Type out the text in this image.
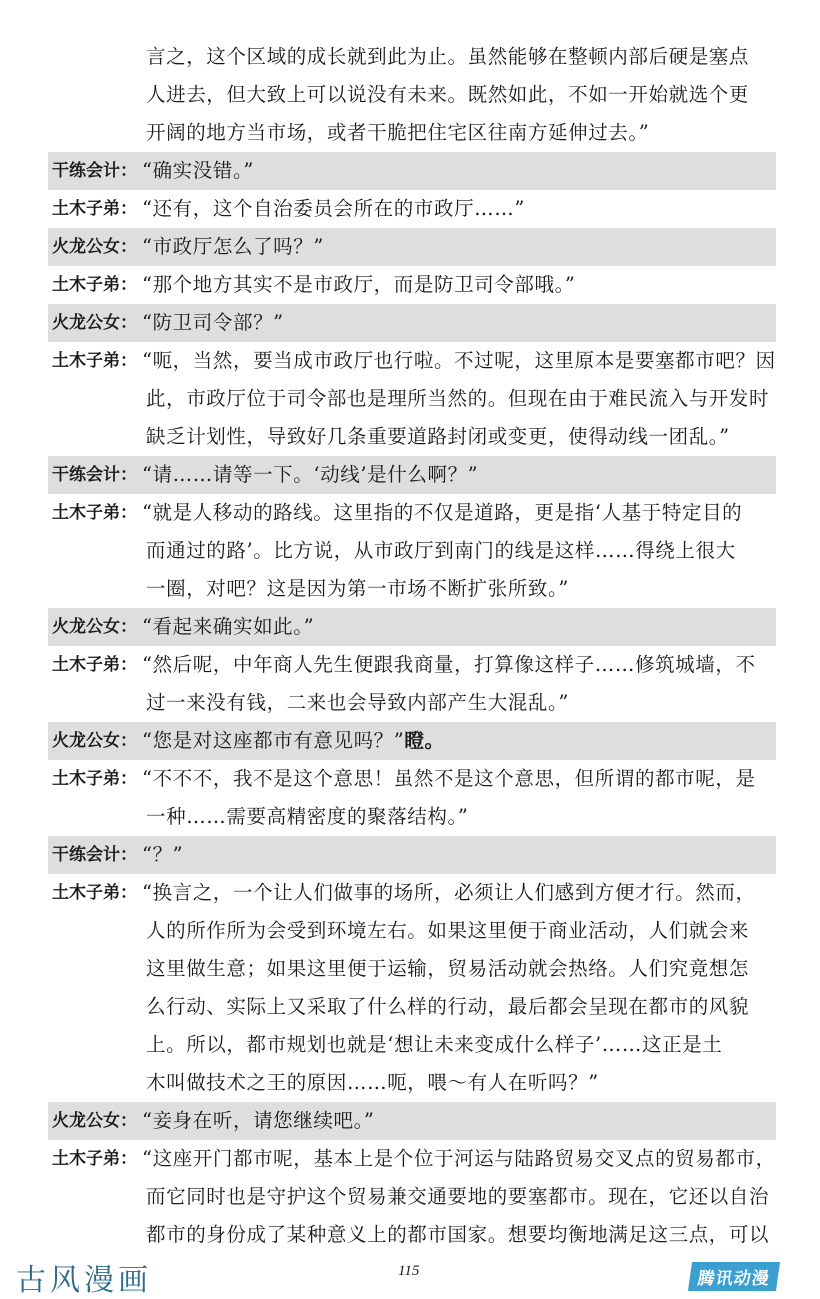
言之，这个区域的成长就到此为止。虽然能够在整顿内部后硬是塞点
人进去，但大致上可以说没有未来。既然如此，不如一开始就选个更
开阔的地方当市场，或者干脆把住宅区往南方延伸过去。”
干练会计： “确实没错。”
土木子弟： “还有，这个自治委员会所在的市政厅……”
火龙公女： “市政厅怎么了吗？”
土木子弟： “那个地方其实不是市政厅，而是防卫司令部哦。”
火龙公女： “防卫司令部？”
土木子弟： “呃，当然，要当成市政厅也行啦。不过呢，这里原本是要塞都市吧？因
此，市政厅位于司令部也是理所当然的。但现在由于难民流入与开发时
缺乏计划性，导致好几条重要道路封闭或变更，使得动线一团乱。”
干练会计： “请……请等一下。‘动线’是什么啊？”
土木子弟： “就是人移动的路线。这里指的不仅是道路，更是指‘人基于特定目的
而通过的路’。比方说，从市政厅到南门的线是这样……得绕上很大
一圈，对吧？这是因为第一市场不断扩张所致。”
火龙公女： “看起来确实如此。”
土木子弟： “然后呢，中年商人先生便跟我商量，打算像这样子……修筑城墙，不
过一来没有钱，二来也会导致内部产生大混乱。”
火龙公女： “您是对这座都市有意见吗？”瞪。
土木子弟： “不不不，我不是这个意思！虽然不是这个意思，但所谓的都市呢，是
一种……需要高精密度的聚落结构。”
干练会计： “？”
土木子弟： “换言之，一个让人们做事的场所，必须让人们感到方便才行。然而，
人的所作所为会受到环境左右。如果这里便于商业活动，人们就会来
这里做生意；如果这里便于运输，贸易活动就会热络。人们究竟想怎
么行动、实际上又采取了什么样的行动，最后都会呈现在都市的风貌
上。所以，都市规划也就是‘想让未来变成什么样子’……这正是土
木叫做技术之王的原因……呃，喂～有人在听吗？”
火龙公女： “妾身在听，请您继续吧。”
土木子弟： “这座开门都市呢，基本上是个位于河运与陆路贸易交叉点的贸易都市，
而它同时也是守护这个贸易兼交通要地的要塞都市。现在，它还以自治
都市的身份成了某种意义上的都市国家。想要均衡地满足这三点，可以
古风漫画	115	腾讯动漫
